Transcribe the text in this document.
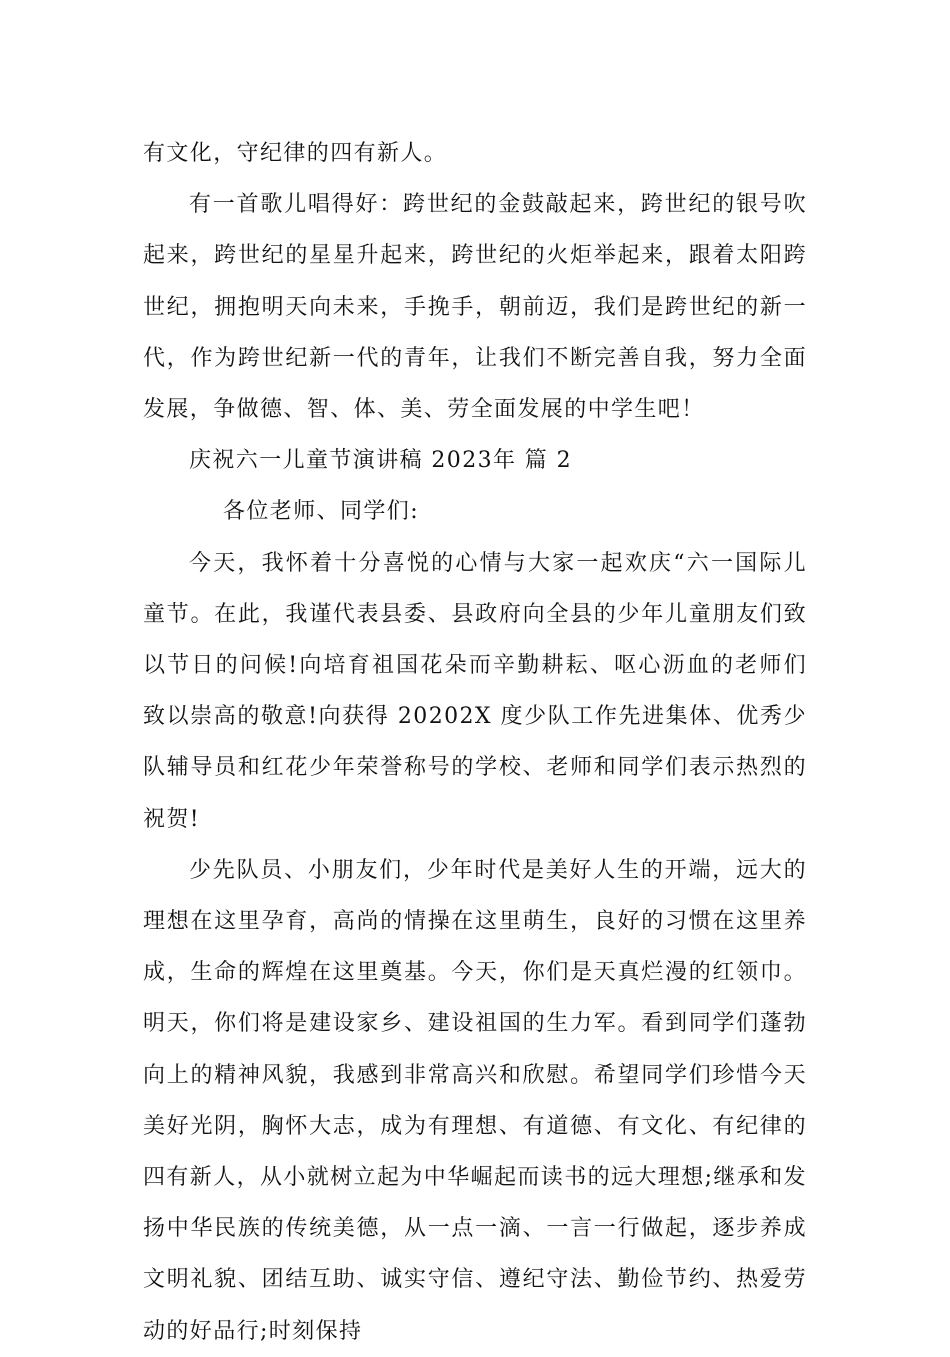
有文化，守纪律的四有新人。

有一首歌儿唱得好：跨世纪的金鼓敲起来，跨世纪的银号吹起来，跨世纪的星星升起来，跨世纪的火炬举起来，跟着太阳跨世纪，拥抱明天向未来，手挽手，朝前迈，我们是跨世纪的新一代，作为跨世纪新一代的青年，让我们不断完善自我，努力全面发展，争做德、智、体、美、劳全面发展的中学生吧！

庆祝六一儿童节演讲稿 2023年 篇 2

各位老师、同学们:

今天，我怀着十分喜悦的心情与大家一起欢庆“六一国际儿童节。在此，我谨代表县委、县政府向全县的少年儿童朋友们致以节日的问候!向培育祖国花朵而辛勤耕耘、呕心沥血的老师们致以崇高的敬意!向获得 20202X 度少队工作先进集体、优秀少队辅导员和红花少年荣誉称号的学校、老师和同学们表示热烈的祝贺!

少先队员、小朋友们，少年时代是美好人生的开端，远大的理想在这里孕育，高尚的情操在这里萌生，良好的习惯在这里养成，生命的辉煌在这里奠基。今天，你们是天真烂漫的红领巾。明天，你们将是建设家乡、建设祖国的生力军。看到同学们蓬勃向上的精神风貌，我感到非常高兴和欣慰。希望同学们珍惜今天美好光阴，胸怀大志，成为有理想、有道德、有文化、有纪律的四有新人，从小就树立起为中华崛起而读书的远大理想;继承和发扬中华民族的传统美德，从一点一滴、一言一行做起，逐步养成文明礼貌、团结互助、诚实守信、遵纪守法、勤俭节约、热爱劳动的好品行;时刻保持
